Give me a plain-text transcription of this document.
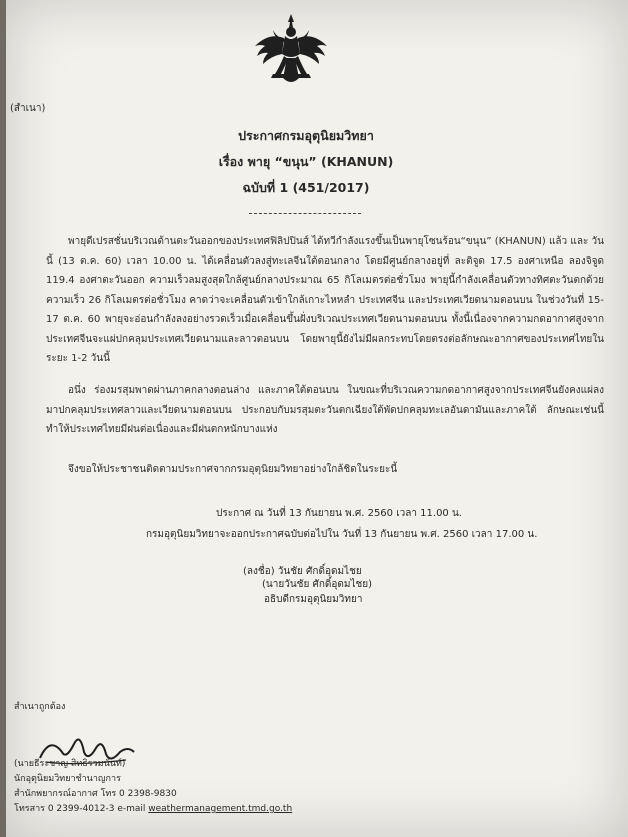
(สำเนา)
ประกาศกรมอุตุนิยมวิทยา
เรื่อง พายุ “ขนุน” (KHANUN)
ฉบับที่ 1 (451/2017)
พายุดีเปรสชั่นบริเวณด้านตะวันออกของประเทศฟิลิปปินส์ ได้ทวีกำลังแรงขึ้นเป็นพายุโซนร้อน“ขนุน” (KHANUN) แล้ว และ วันนี้ (13 ต.ค. 60) เวลา 10.00 น. ได้เคลื่อนตัวลงสู่ทะเลจีนใต้ตอนกลาง โดยมีศูนย์กลางอยู่ที่ ละติจูด 17.5 องศาเหนือ ลองจิจูด 119.4 องศาตะวันออก ความเร็วลมสูงสุดใกล้ศูนย์กลางประมาณ 65 กิโลเมตรต่อชั่วโมง พายุนี้กำลังเคลื่อนตัวทางทิศตะวันตกด้วยความเร็ว 26 กิโลเมตรต่อชั่วโมง คาดว่าจะเคลื่อนตัวเข้าใกล้เกาะไหหลำ ประเทศจีน และประเทศเวียดนามตอนบน ในช่วงวันที่ 15-17 ต.ค. 60 พายุจะอ่อนกำลังลงอย่างรวดเร็วเมื่อเคลื่อนขึ้นฝั่งบริเวณประเทศเวียดนามตอนบน ทั้งนี้เนื่องจากความกดอากาศสูงจากประเทศจีนจะแผ่ปกคลุมประเทศเวียดนามและลาวตอนบน โดยพายุนี้ยังไม่มีผลกระทบโดยตรงต่อลักษณะอากาศของประเทศไทยในระยะ 1-2 วันนี้
อนึ่ง ร่องมรสุมพาดผ่านภาคกลางตอนล่าง และภาคใต้ตอนบน ในขณะที่บริเวณความกดอากาศสูงจากประเทศจีนยังคงแผ่ลงมาปกคลุมประเทศลาวและเวียดนามตอนบน ประกอบกับมรสุมตะวันตกเฉียงใต้พัดปกคลุมทะเลอันดามันและภาคใต้ ลักษณะเช่นนี้ทำให้ประเทศไทยมีฝนต่อเนื่องและมีฝนตกหนักบางแห่ง
จึงขอให้ประชาชนติดตามประกาศจากกรมอุตุนิยมวิทยาอย่างใกล้ชิดในระยะนี้
ประกาศ ณ วันที่ 13 กันยายน พ.ศ. 2560 เวลา 11.00 น.
กรมอุตุนิยมวิทยาจะออกประกาศฉบับต่อไปใน วันที่ 13 กันยายน พ.ศ. 2560 เวลา 17.00 น.
(ลงชื่อ) วันชัย ศักดิ์อุดมไชย
(นายวันชัย ศักดิ์อุดมไชย)
อธิบดีกรมอุตุนิยมวิทยา
สำเนาถูกต้อง
(นายธีระชาญ สิทธิรวมนันท์)
นักอุตุนิยมวิทยาชำนาญการ
สำนักพยากรณ์อากาศ โทร 0 2398-9830
โทรสาร 0 2399-4012-3 e-mail weathermanagement.tmd.go.th
